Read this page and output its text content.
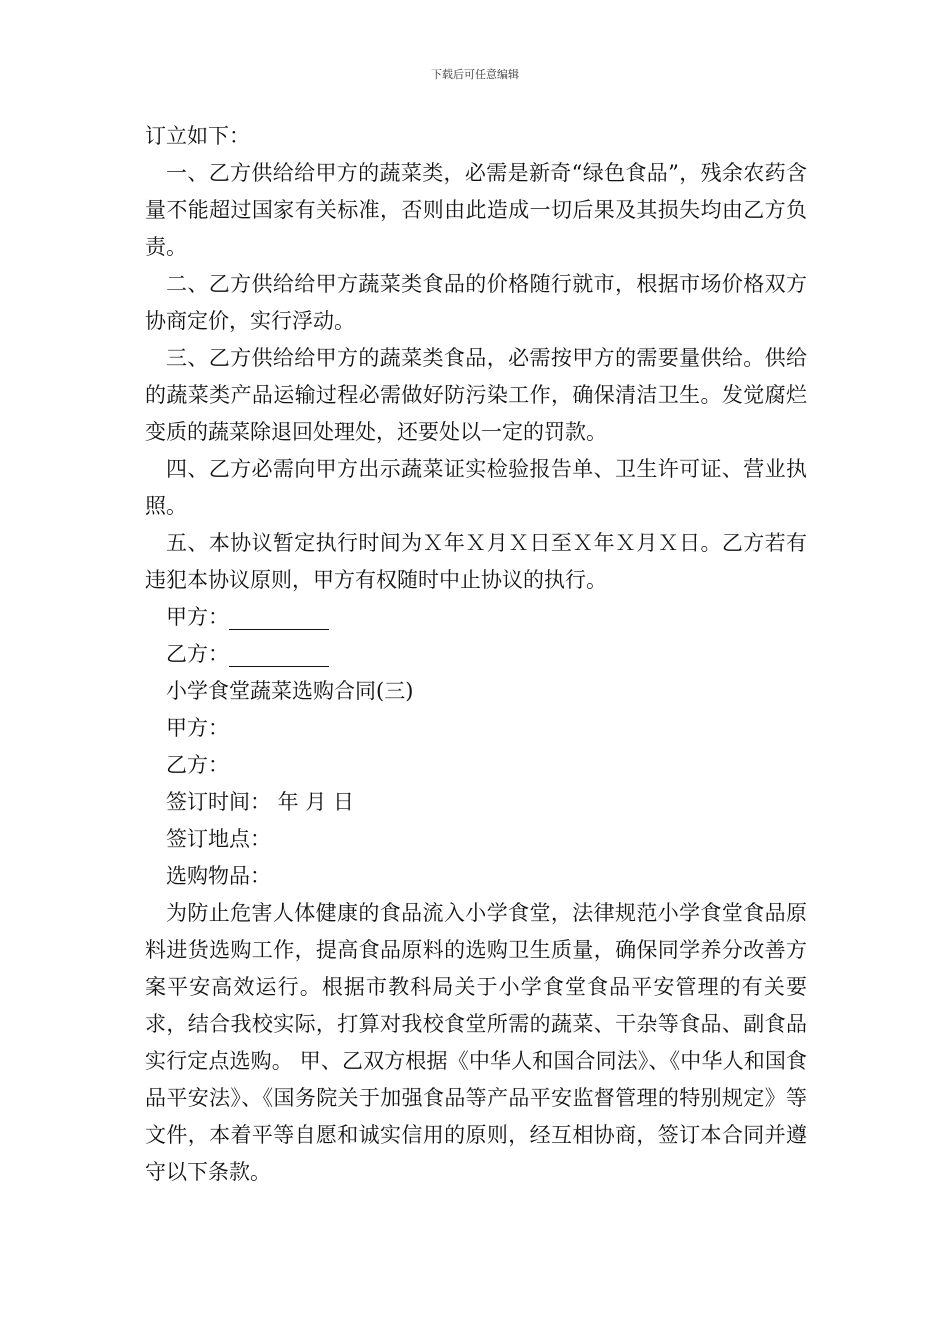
下载后可任意编辑

订立如下：

一、乙方供给给甲方的蔬菜类，必需是新奇“绿色食品”，残余农药含量不能超过国家有关标准，否则由此造成一切后果及其损失均由乙方负责。

二、乙方供给给甲方蔬菜类食品的价格随行就市，根据市场价格双方协商定价，实行浮动。

三、乙方供给给甲方的蔬菜类食品，必需按甲方的需要量供给。供给的蔬菜类产品运输过程必需做好防污染工作，确保清洁卫生。发觉腐烂变质的蔬菜除退回处理处，还要处以一定的罚款。

四、乙方必需向甲方出示蔬菜证实检验报告单、卫生许可证、营业执照。

五、本协议暂定执行时间为Ｘ年Ｘ月Ｘ日至Ｘ年Ｘ月Ｘ日。乙方若有违犯本协议原则，甲方有权随时中止协议的执行。

甲方：

乙方：

小学食堂蔬菜选购合同(三)

甲方：

乙方：

签订时间： 年 月 日

签订地点：

选购物品：

为防止危害人体健康的食品流入小学食堂，法律规范小学食堂食品原料进货选购工作，提高食品原料的选购卫生质量，确保同学养分改善方案平安高效运行。根据市教科局关于小学食堂食品平安管理的有关要求，结合我校实际，打算对我校食堂所需的蔬菜、干杂等食品、副食品实行定点选购。 甲、乙双方根据《中华人和国合同法》、《中华人和国食品平安法》、《国务院关于加强食品等产品平安监督管理的特别规定》等文件，本着平等自愿和诚实信用的原则，经互相协商，签订本合同并遵守以下条款。
